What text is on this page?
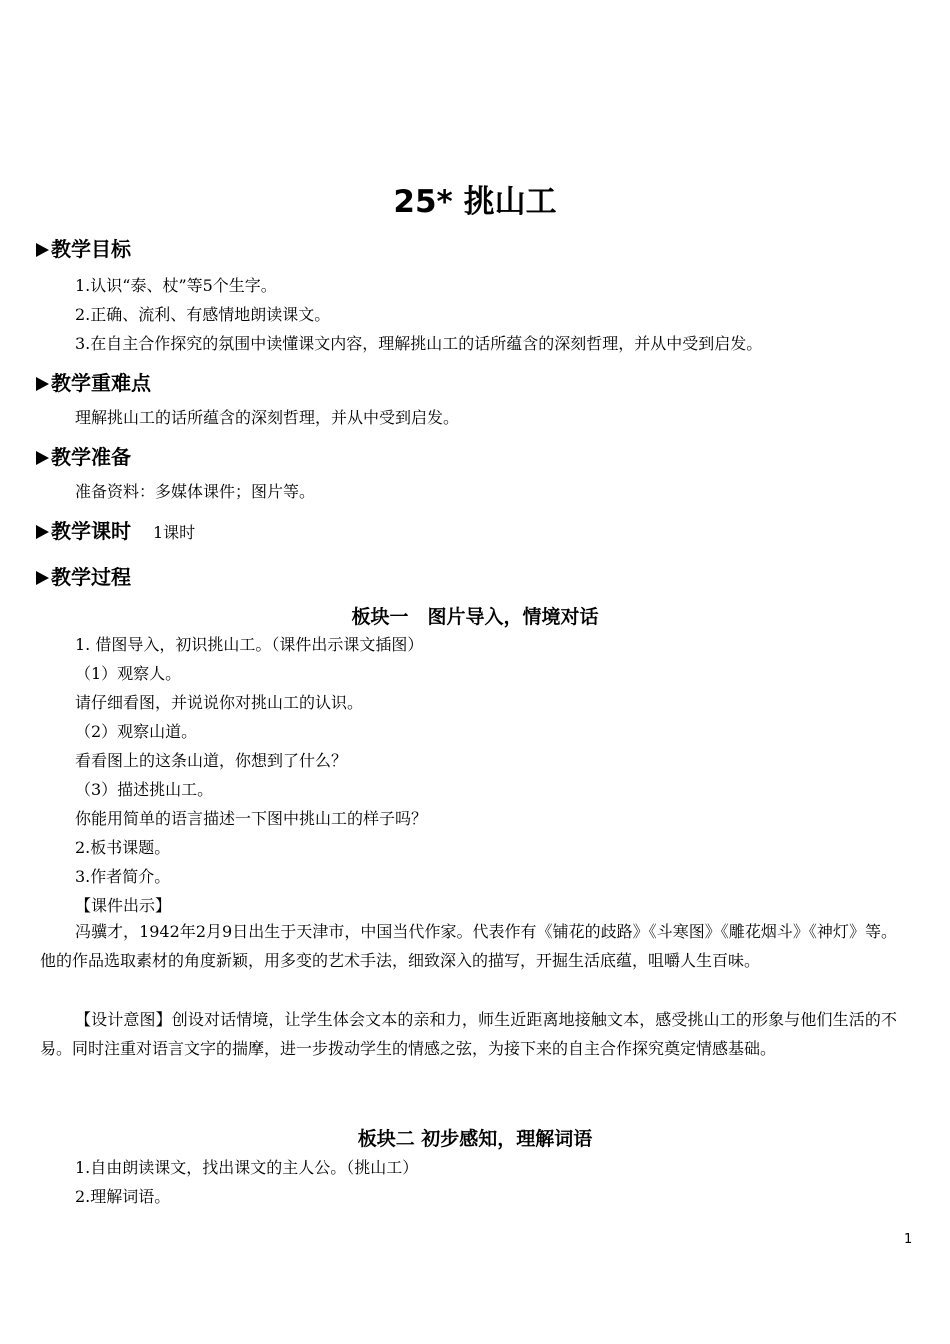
25* 挑山工
教学目标
1.认识“泰、杖”等5个生字。
2.正确、流利、有感情地朗读课文。
3.在自主合作探究的氛围中读懂课文内容，理解挑山工的话所蕴含的深刻哲理，并从中受到启发。
教学重难点
理解挑山工的话所蕴含的深刻哲理，并从中受到启发。
教学准备
准备资料：多媒体课件；图片等。
教学课时 1课时
教学过程
板块一　图片导入，情境对话
1. 借图导入，初识挑山工。（课件出示课文插图）
（1）观察人。
请仔细看图，并说说你对挑山工的认识。
（2）观察山道。
看看图上的这条山道，你想到了什么？
（3）描述挑山工。
你能用简单的语言描述一下图中挑山工的样子吗？
2.板书课题。
3.作者简介。
【课件出示】
冯骥才，1942年2月9日出生于天津市，中国当代作家。代表作有《铺花的歧路》《斗寒图》《雕花烟斗》《神灯》等。他的作品选取素材的角度新颖，用多变的艺术手法，细致深入的描写，开掘生活底蕴，咀嚼人生百味。
【设计意图】创设对话情境，让学生体会文本的亲和力，师生近距离地接触文本，感受挑山工的形象与他们生活的不易。同时注重对语言文字的揣摩，进一步拨动学生的情感之弦，为接下来的自主合作探究奠定情感基础。
板块二 初步感知，理解词语
1.自由朗读课文，找出课文的主人公。（挑山工）
2.理解词语。
1
